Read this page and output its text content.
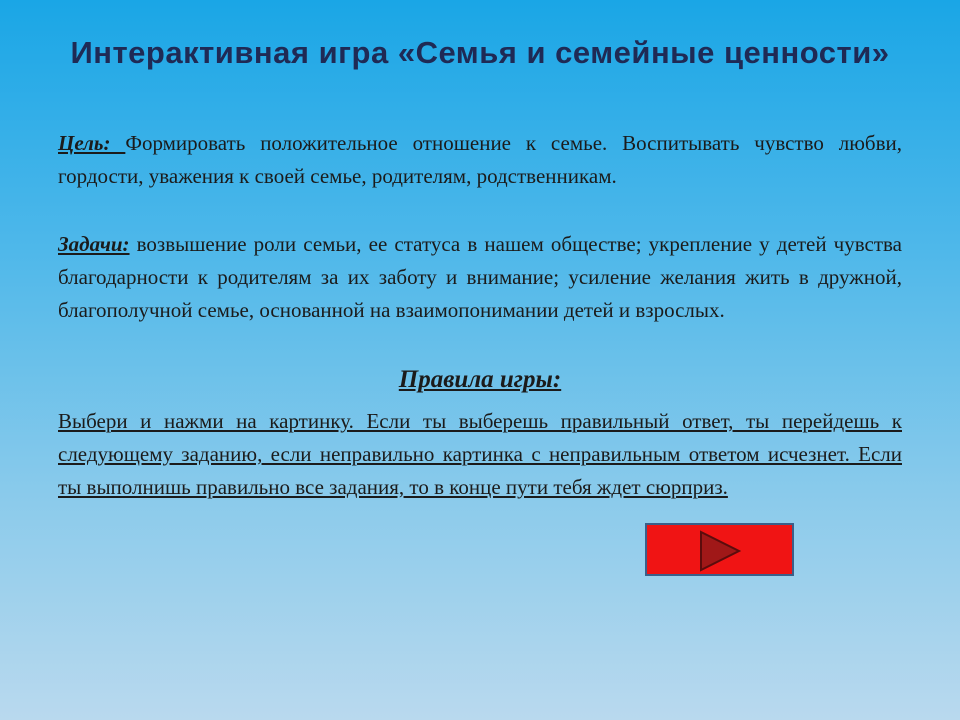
Интерактивная игра «Семья и семейные ценности»
Цель: Формировать положительное отношение к семье. Воспитывать чувство любви, гордости, уважения к своей семье, родителям, родственникам.
Задачи: возвышение роли семьи, ее статуса в нашем обществе; укрепление у детей чувства благодарности к родителям за их заботу и внимание; усиление желания жить в дружной, благополучной семье, основанной на взаимопонимании детей и взрослых.
Правила игры:
Выбери и нажми на картинку. Если ты выберешь правильный ответ, ты перейдешь к следующему заданию, если неправильно картинка с неправильным ответом исчезнет. Если ты выполнишь правильно все задания, то в конце пути тебя ждет сюрприз.
